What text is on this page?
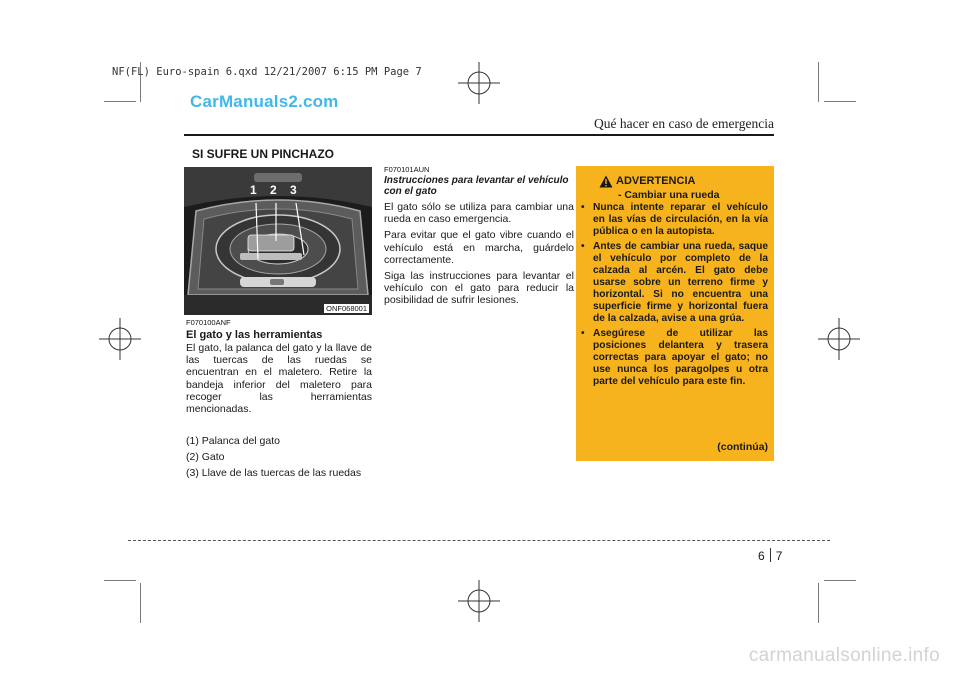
NF(FL) Euro-spain 6.qxd 12/21/2007 6:15 PM Page 7
CarManuals2.com
Qué hacer en caso de emergencia
SI SUFRE UN PINCHAZO
1 2 3
ONF068001
F070100ANF
El gato y las herramientas
El gato, la palanca del gato y la llave de las tuercas de las ruedas se encuentran en el maletero. Retire la bandeja inferior del maletero para recoger las herramientas
mencionadas.
(1) Palanca del gato
(2) Gato
(3) Llave de las tuercas de las ruedas
F070101AUN
Instrucciones para levantar el vehículo con el gato

El gato sólo se utiliza para cambiar una rueda en caso emergencia.

Para evitar que el gato vibre cuando el vehículo está en marcha, guárdelo correctamente.

Siga las instrucciones para levantar el vehículo con el gato para reducir la posibilidad de sufrir lesiones.

ADVERTENCIA
- Cambiar una rueda
• Nunca intente reparar el vehículo en las vías de circulación, en la vía pública o en la autopista.
• Antes de cambiar una rueda, saque el vehículo por completo de la calzada al arcén. El gato debe usarse sobre un terreno firme y horizontal. Si no encuentra una superficie firme y horizontal fuera de la calzada, avise a una grúa.
• Asegúrese de utilizar las posiciones delantera y trasera correctas para apoyar el gato; no use nunca los paragolpes u otra parte del vehículo para este fin.
(continúa)
6 7
carmanualsonline.info
